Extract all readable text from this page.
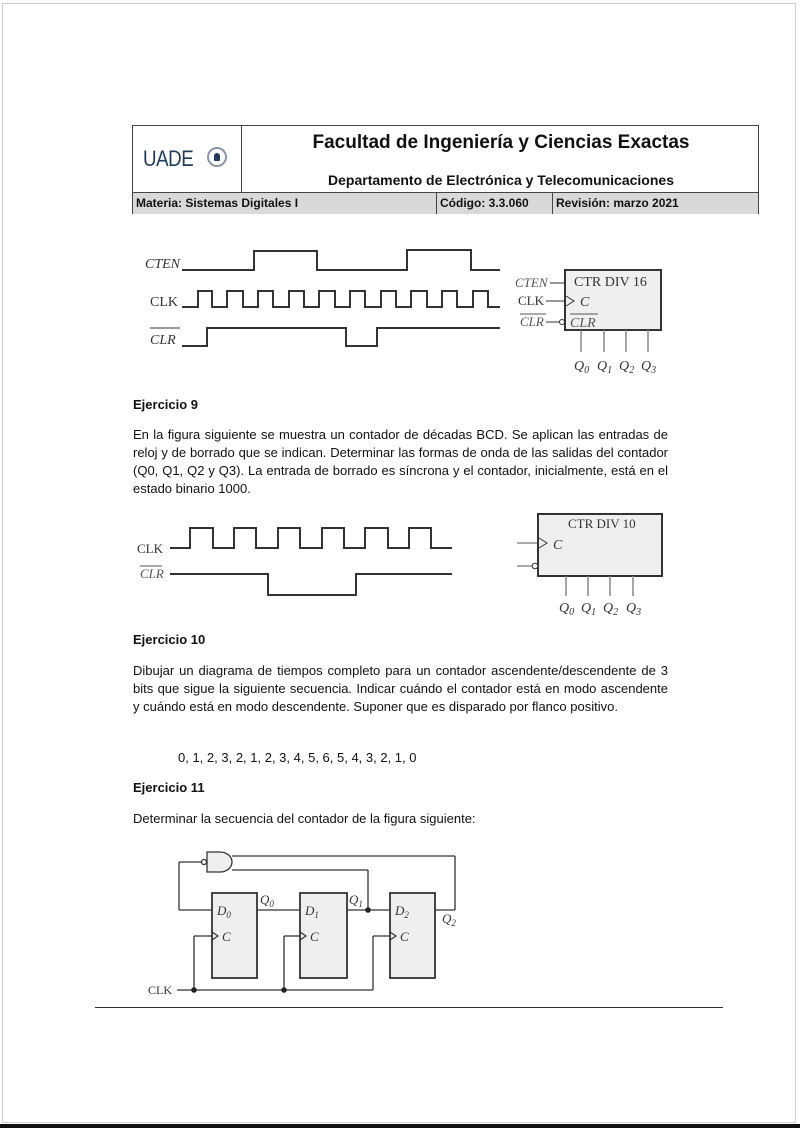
UADE
Facultad de Ingeniería y Ciencias Exactas
Departamento de Electrónica y Telecomunicaciones
Materia: Sistemas Digitales I	Código: 3.3.060	Revisión: marzo 2021
CTEN
CLR
CLK
CTR DIV 16
CTEN
CLK	C
CLR CLR
$Q_0$ $Q_1$ $Q_2$ $Q_3$
Ejercicio 9
En la figura siguiente se muestra un contador de décadas BCD. Se aplican las entradas de reloj y de borrado que se indican. Determinar las formas de onda de las salidas del contador (Q0, Q1, Q2 y Q3). La entrada de borrado es síncrona y el contador, inicialmente, está en el estado binario 1000.
CLK
CLR
CTR DIV 10
C
$Q_0$ $Q_1$ $Q_2$ $Q_3$
Ejercicio 10
Dibujar un diagrama de tiempos completo para un contador ascendente/descendente de 3 bits que sigue la siguiente secuencia. Indicar cuándo el contador está en modo ascendente y cuándo está en modo descendente. Suponer que es disparado por flanco positivo.
0, 1, 2, 3, 2, 1, 2, 3, 4, 5, 6, 5, 4, 3, 2, 1, 0
Ejercicio 11
Determinar la secuencia del contador de la figura siguiente:
$D_0$
C
$D_1$
C
$D_2$
C
$Q_0$	$Q_1$
$Q_2$
CLK
